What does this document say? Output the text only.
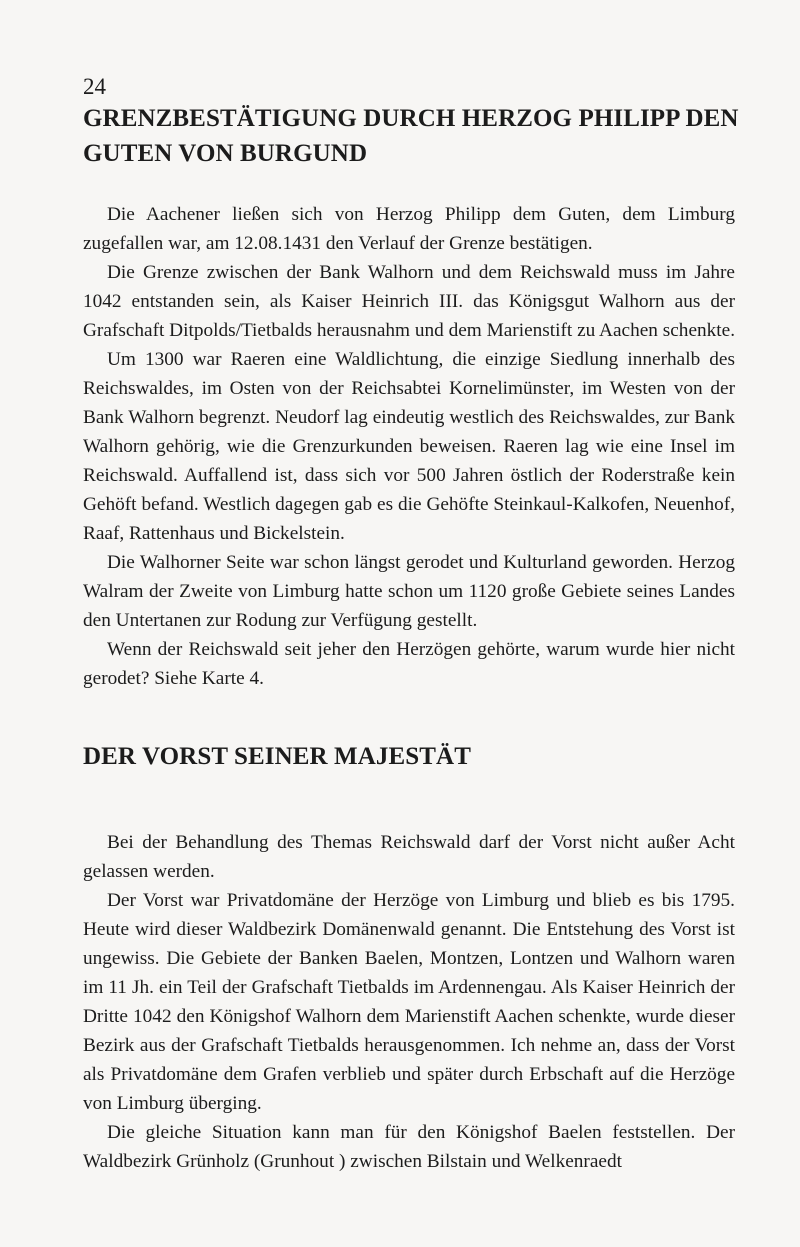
24
GRENZBESTÄTIGUNG DURCH HERZOG PHILIPP DEN GUTEN VON BURGUND

Die Aachener ließen sich von Herzog Philipp dem Guten, dem Limburg zugefallen war, am 12.08.1431 den Verlauf der Grenze bestätigen.

Die Grenze zwischen der Bank Walhorn und dem Reichswald muss im Jahre 1042 entstanden sein, als Kaiser Heinrich III. das Königsgut Walhorn aus der Grafschaft Ditpolds/Tietbalds herausnahm und dem Marienstift zu Aachen schenkte.

Um 1300 war Raeren eine Waldlichtung, die einzige Siedlung innerhalb des Reichswaldes, im Osten von der Reichsabtei Kornelimünster, im Westen von der Bank Walhorn begrenzt. Neudorf lag eindeutig westlich des Reichswaldes, zur Bank Walhorn gehörig, wie die Grenzurkunden beweisen. Raeren lag wie eine Insel im Reichswald. Auffallend ist, dass sich vor 500 Jahren östlich der Roderstraße kein Gehöft befand. Westlich dagegen gab es die Gehöfte Steinkaul-Kalkofen, Neuenhof, Raaf, Rattenhaus und Bickelstein.

Die Walhorner Seite war schon längst gerodet und Kulturland geworden. Herzog Walram der Zweite von Limburg hatte schon um 1120 große Gebiete seines Landes den Untertanen zur Rodung zur Verfügung gestellt.

Wenn der Reichswald seit jeher den Herzögen gehörte, warum wurde hier nicht gerodet? Siehe Karte 4.

DER VORST SEINER MAJESTÄT

Bei der Behandlung des Themas Reichswald darf der Vorst nicht außer Acht gelassen werden.

Der Vorst war Privatdomäne der Herzöge von Limburg und blieb es bis 1795. Heute wird dieser Waldbezirk Domänenwald genannt. Die Entstehung des Vorst ist ungewiss. Die Gebiete der Banken Baelen, Montzen, Lontzen und Walhorn waren im 11 Jh. ein Teil der Grafschaft Tietbalds im Ardennengau. Als Kaiser Heinrich der Dritte 1042 den Königshof Walhorn dem Marienstift Aachen schenkte, wurde dieser Bezirk aus der Grafschaft Tietbalds herausgenommen. Ich nehme an, dass der Vorst als Privatdomäne dem Grafen verblieb und später durch Erbschaft auf die Herzöge von Limburg überging.

Die gleiche Situation kann man für den Königshof Baelen feststellen. Der Waldbezirk Grünholz (Grunhout ) zwischen Bilstain und Welkenraedt
